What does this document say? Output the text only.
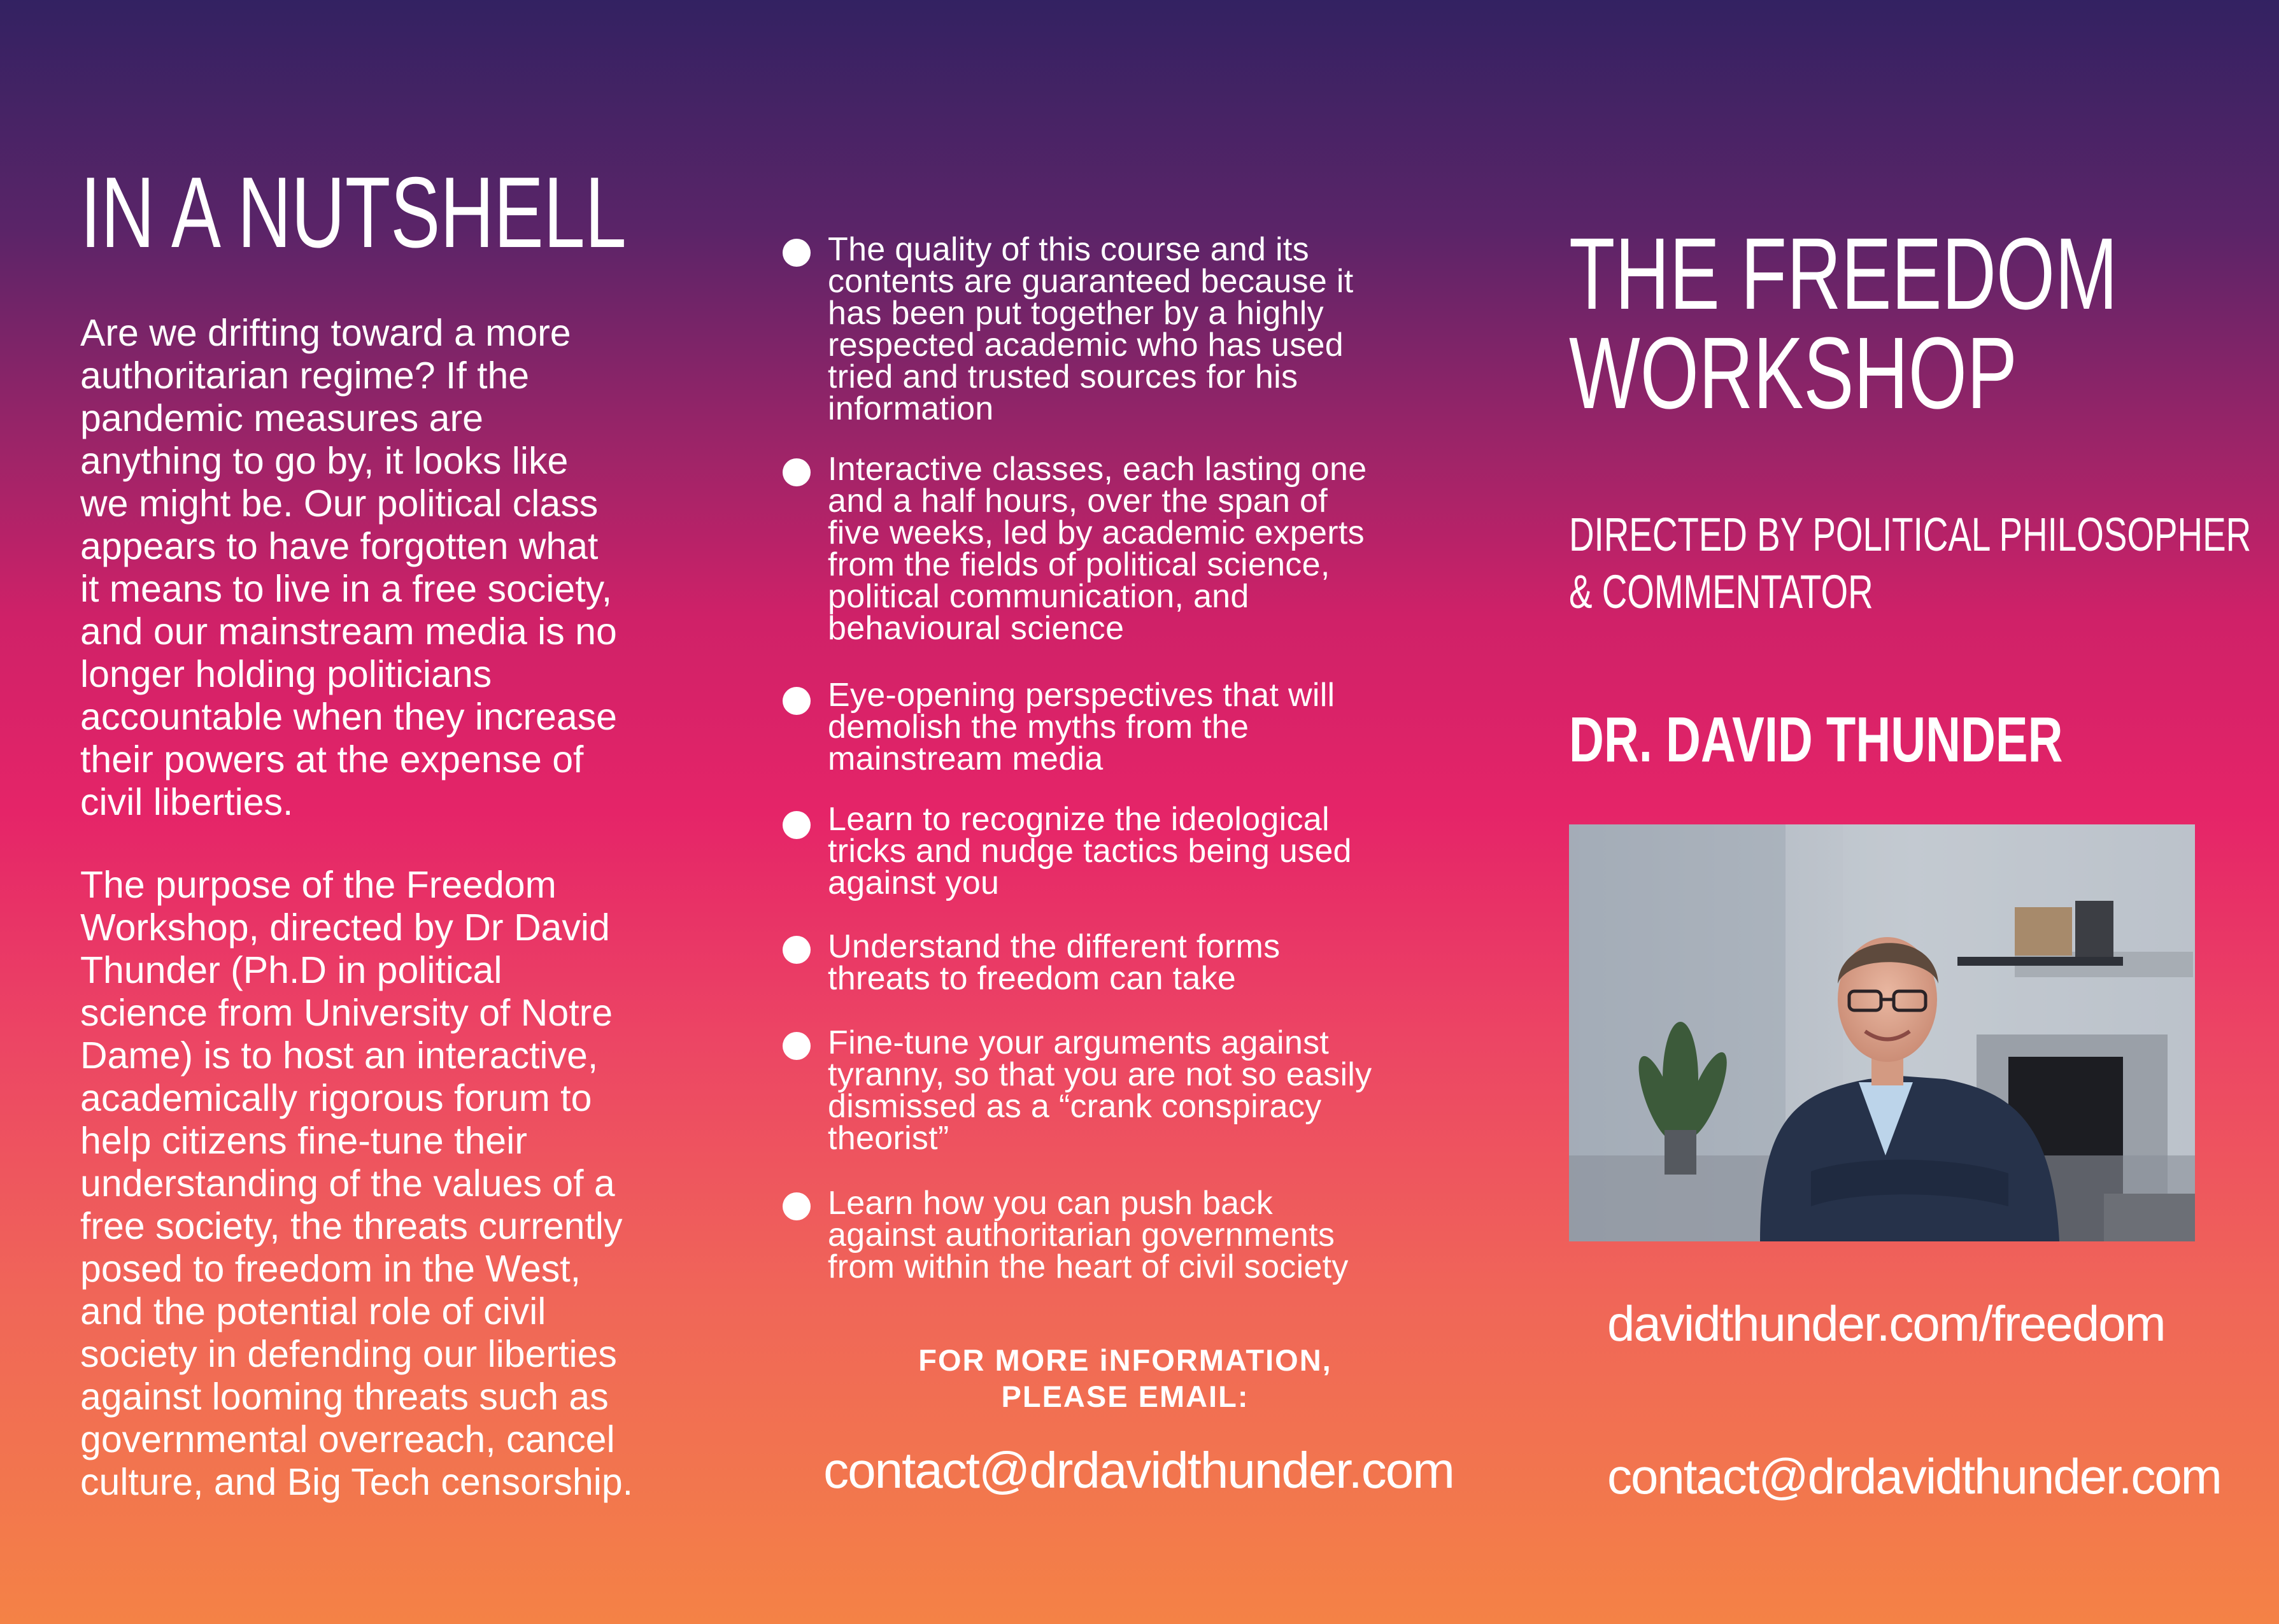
IN A NUTSHELL

Are we drifting toward a more
authoritarian regime? If the
pandemic measures are
anything to go by, it looks like
we might be. Our political class
appears to have forgotten what
it means to live in a free society,
and our mainstream media is no
longer holding politicians
accountable when they increase
their powers at the expense of
civil liberties.

The purpose of the Freedom
Workshop, directed by Dr David
Thunder (Ph.D in political
science from University of Notre
Dame) is to host an interactive,
academically rigorous forum to
help citizens fine-tune their
understanding of the values of a
free society, the threats currently
posed to freedom in the West,
and the potential role of civil
society in defending our liberties
against looming threats such as
governmental overreach, cancel
culture, and Big Tech censorship.

The quality of this course and its
contents are guaranteed because it
has been put together by a highly
respected academic who has used
tried and trusted sources for his
information
Interactive classes, each lasting one
and a half hours, over the span of
five weeks, led by academic experts
from the fields of political science,
political communication, and
behavioural science
Eye-opening perspectives that will
demolish the myths from the
mainstream media
Learn to recognize the ideological
tricks and nudge tactics being used
against you
Understand the different forms
threats to freedom can take
Fine-tune your arguments against
tyranny, so that you are not so easily
dismissed as a “crank conspiracy
theorist”
Learn how you can push back
against authoritarian governments
from within the heart of civil society
FOR MORE iNFORMATION,
PLEASE EMAIL:
contact@drdavidthunder.com
THE FREEDOM
WORKSHOP
DIRECTED BY POLITICAL PHILOSOPHER
& COMMENTATOR
DR. DAVID THUNDER
davidthunder.com/freedom
contact@drdavidthunder.com
